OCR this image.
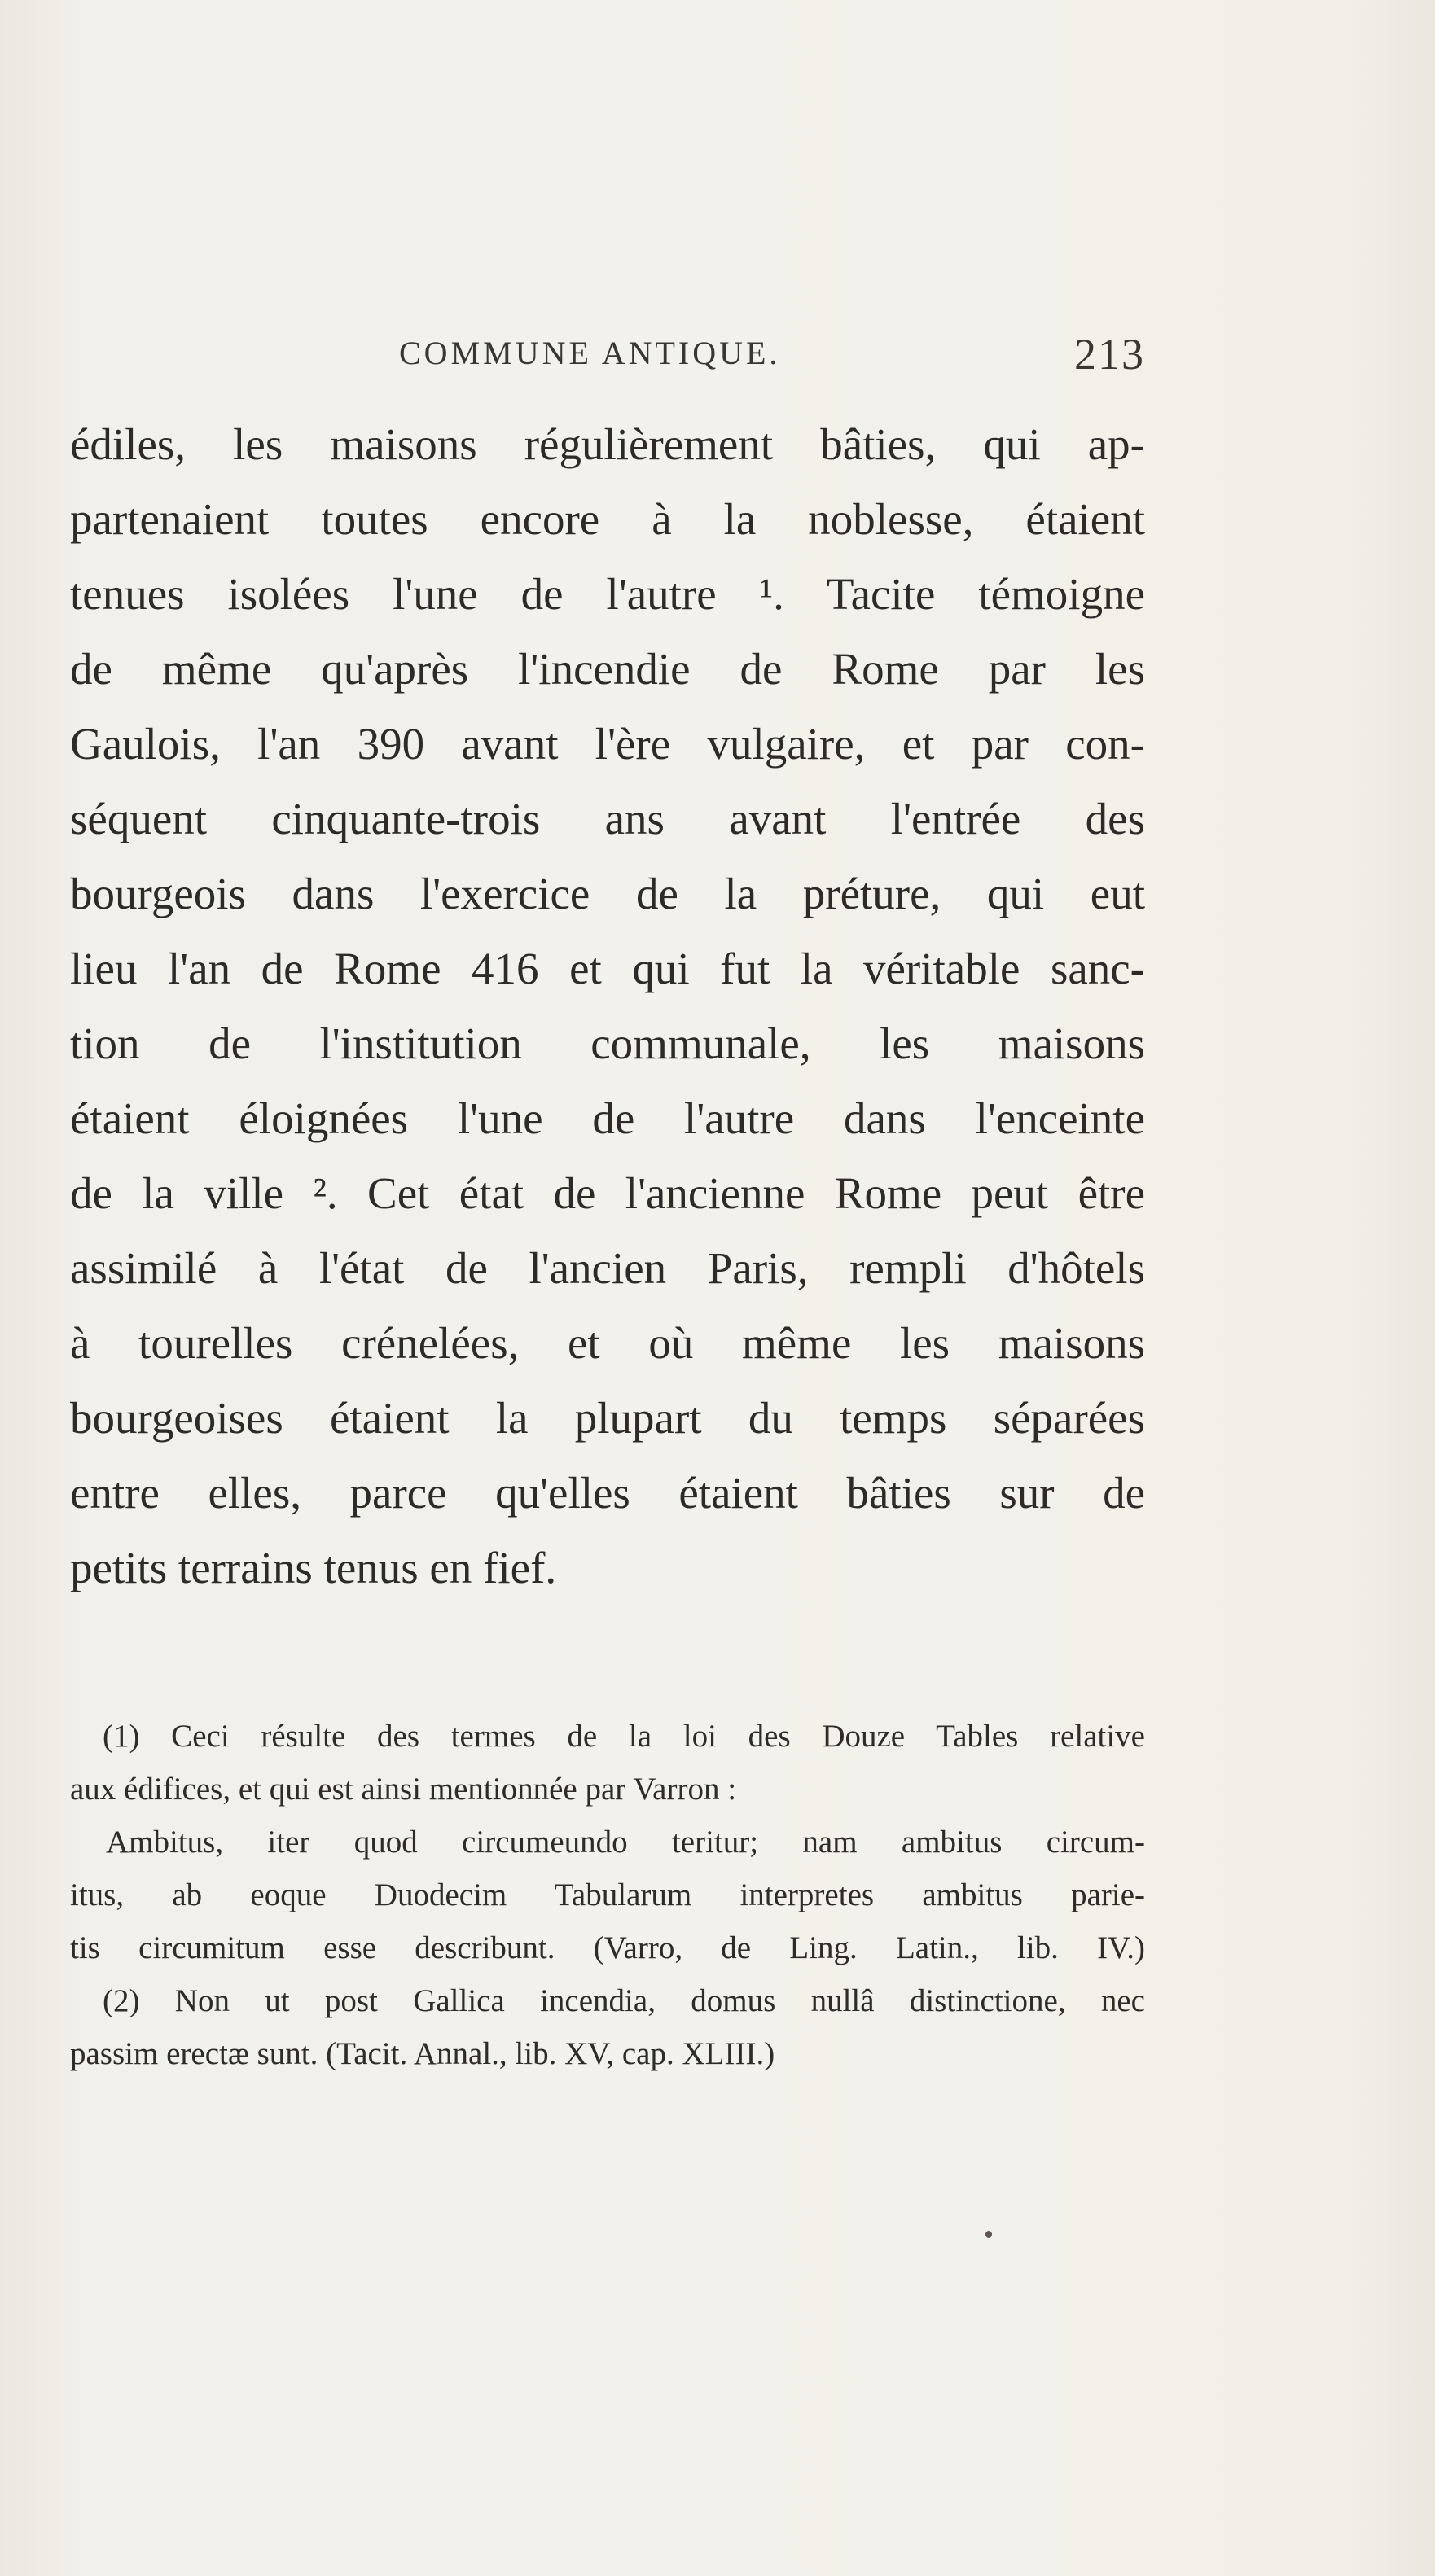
COMMUNE ANTIQUE.	213
édiles, les maisons régulièrement bâties, qui ap-
partenaient toutes encore à la noblesse, étaient
tenues isolées l'une de l'autre ¹. Tacite témoigne
de même qu'après l'incendie de Rome par les
Gaulois, l'an 390 avant l'ère vulgaire, et par con-
séquent cinquante-trois ans avant l'entrée des
bourgeois dans l'exercice de la préture, qui eut
lieu l'an de Rome 416 et qui fut la véritable sanc-
tion de l'institution communale, les maisons
étaient éloignées l'une de l'autre dans l'enceinte
de la ville ². Cet état de l'ancienne Rome peut être
assimilé à l'état de l'ancien Paris, rempli d'hôtels
à tourelles crénelées, et où même les maisons
bourgeoises étaient la plupart du temps séparées
entre elles, parce qu'elles étaient bâties sur de
petits terrains tenus en fief.
(1) Ceci résulte des termes de la loi des Douze Tables relative
aux édifices, et qui est ainsi mentionnée par Varron :
Ambitus, iter quod circumeundo teritur; nam ambitus circum-
itus, ab eoque Duodecim Tabularum interpretes ambitus parie-
tis circumitum esse describunt. (Varro, de Ling. Latin., lib. IV.)
(2) Non ut post Gallica incendia, domus nullâ distinctione, nec
passim erectæ sunt. (Tacit. Annal., lib. XV, cap. XLIII.)
